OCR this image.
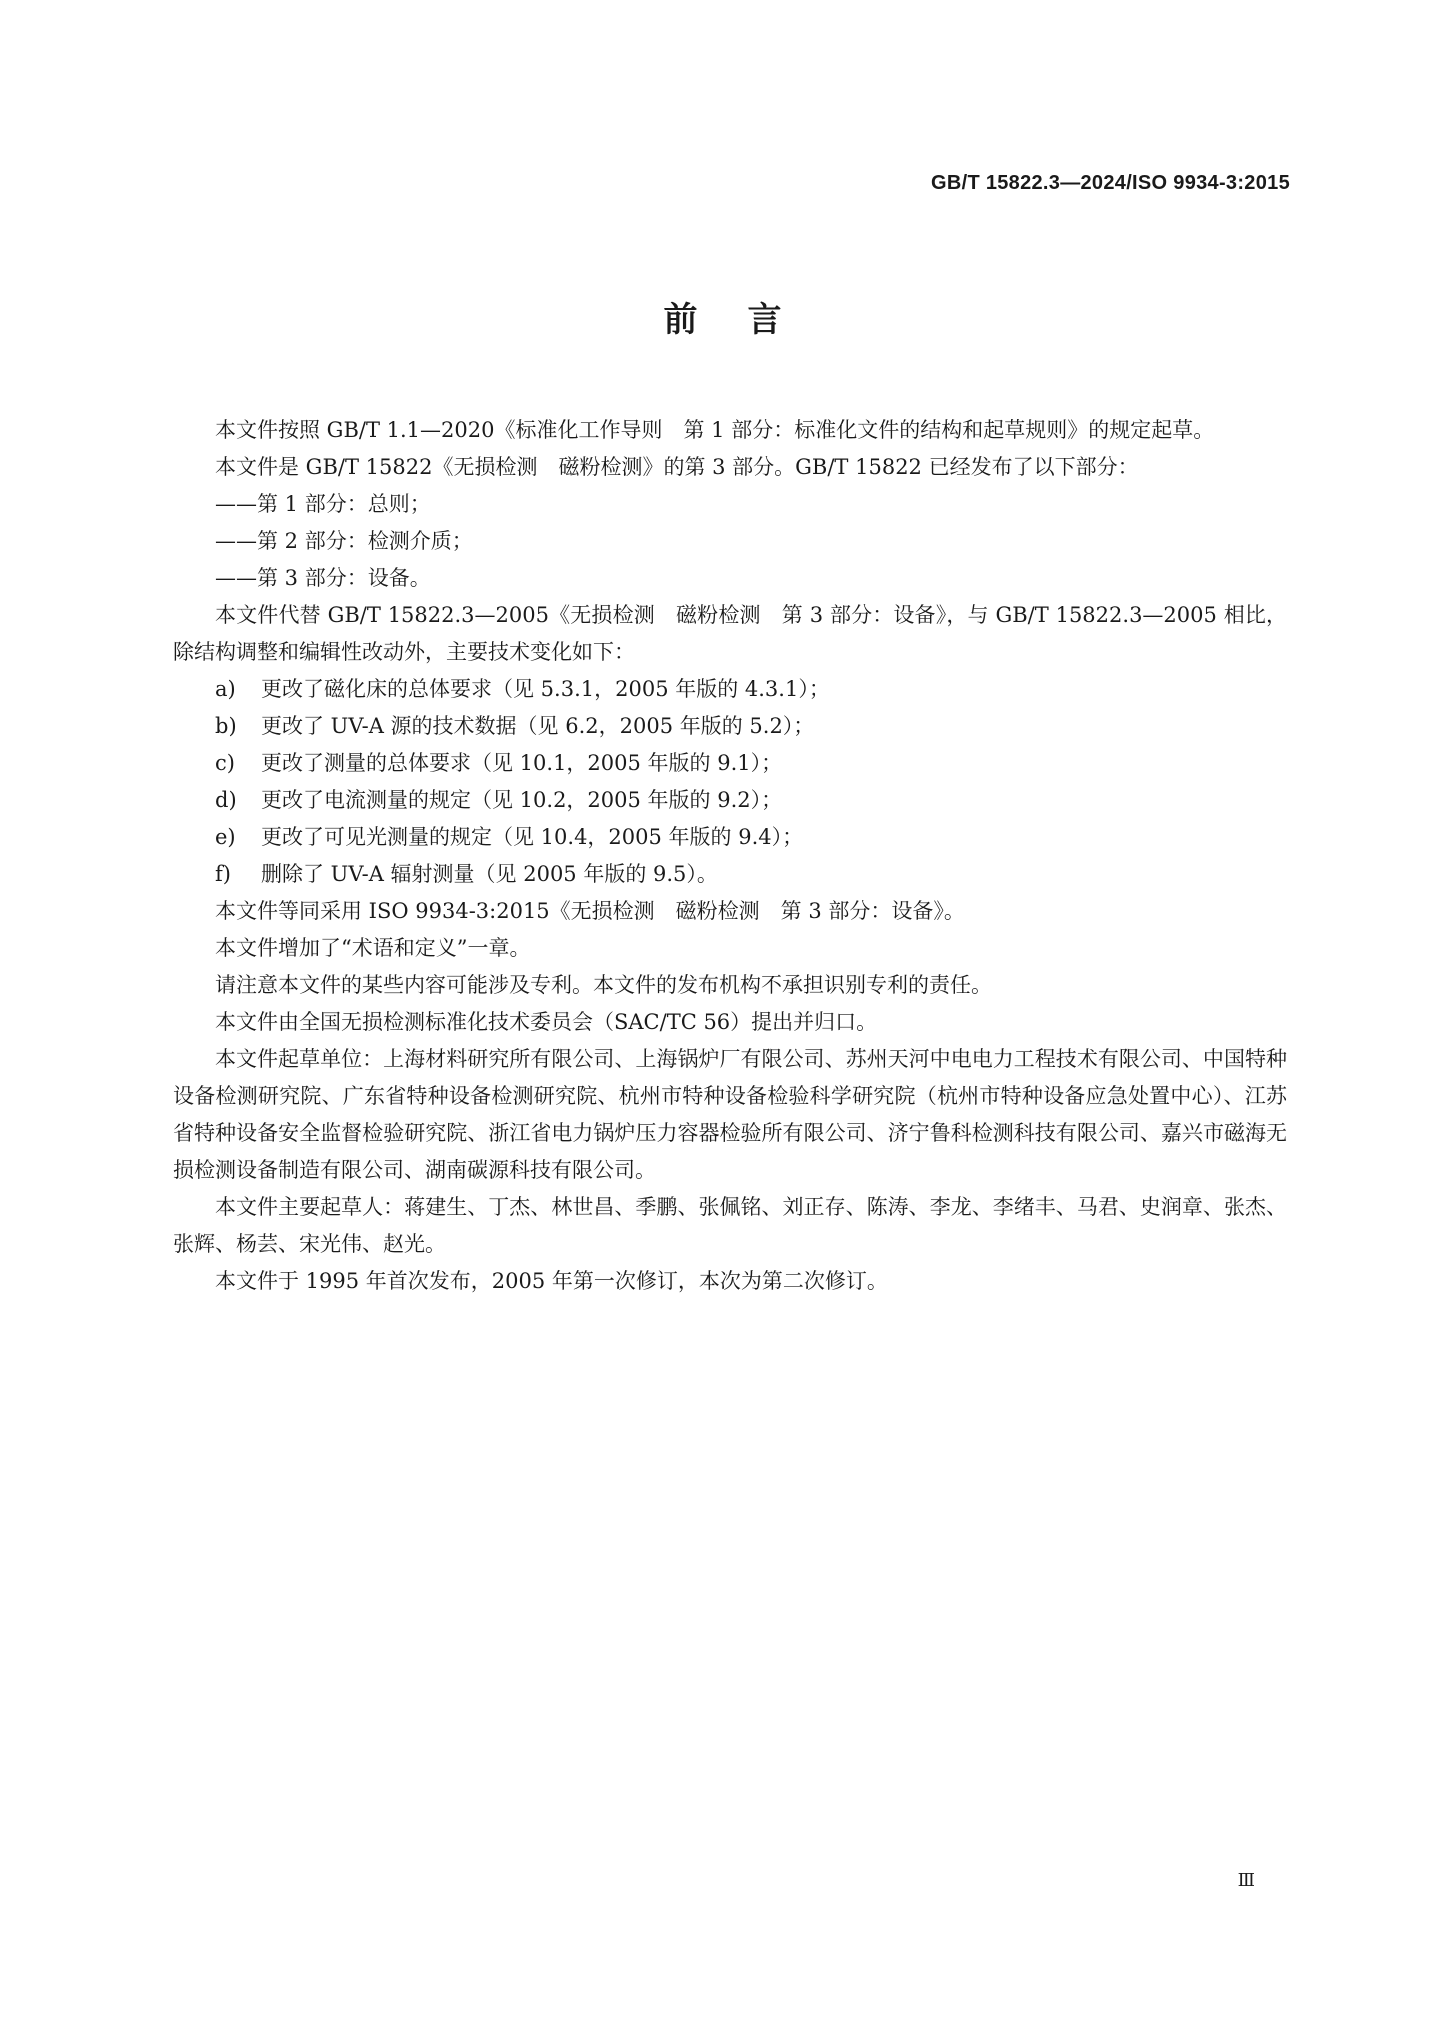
GB/T 15822.3—2024/ISO 9934-3:2015
前言

本文件按照 GB/T 1.1—2020《标准化工作导则　第 1 部分：标准化文件的结构和起草规则》的规定起草。

本文件是 GB/T 15822《无损检测　磁粉检测》的第 3 部分。GB/T 15822 已经发布了以下部分：

——第 1 部分：总则；

——第 2 部分：检测介质；

——第 3 部分：设备。

本文件代替 GB/T 15822.3—2005《无损检测　磁粉检测　第 3 部分：设备》，与 GB/T 15822.3—2005 相比，除结构调整和编辑性改动外，主要技术变化如下：

a) 更改了磁化床的总体要求（见 5.3.1，2005 年版的 4.3.1）；

b) 更改了 UV-A 源的技术数据（见 6.2，2005 年版的 5.2）；

c) 更改了测量的总体要求（见 10.1，2005 年版的 9.1）；

d) 更改了电流测量的规定（见 10.2，2005 年版的 9.2）；

e) 更改了可见光测量的规定（见 10.4，2005 年版的 9.4）；

f) 删除了 UV-A 辐射测量（见 2005 年版的 9.5）。

本文件等同采用 ISO 9934-3:2015《无损检测　磁粉检测　第 3 部分：设备》。

本文件增加了“术语和定义”一章。

请注意本文件的某些内容可能涉及专利。本文件的发布机构不承担识别专利的责任。

本文件由全国无损检测标准化技术委员会（SAC/TC 56）提出并归口。

本文件起草单位：上海材料研究所有限公司、上海锅炉厂有限公司、苏州天河中电电力工程技术有限公司、中国特种设备检测研究院、广东省特种设备检测研究院、杭州市特种设备检验科学研究院（杭州市特种设备应急处置中心）、江苏省特种设备安全监督检验研究院、浙江省电力锅炉压力容器检验所有限公司、济宁鲁科检测科技有限公司、嘉兴市磁海无损检测设备制造有限公司、湖南碳源科技有限公司。

本文件主要起草人：蒋建生、丁杰、林世昌、季鹏、张佩铭、刘正存、陈涛、李龙、李绪丰、马君、史润章、张杰、张辉、杨芸、宋光伟、赵光。

本文件于 1995 年首次发布，2005 年第一次修订，本次为第二次修订。

Ⅲ
